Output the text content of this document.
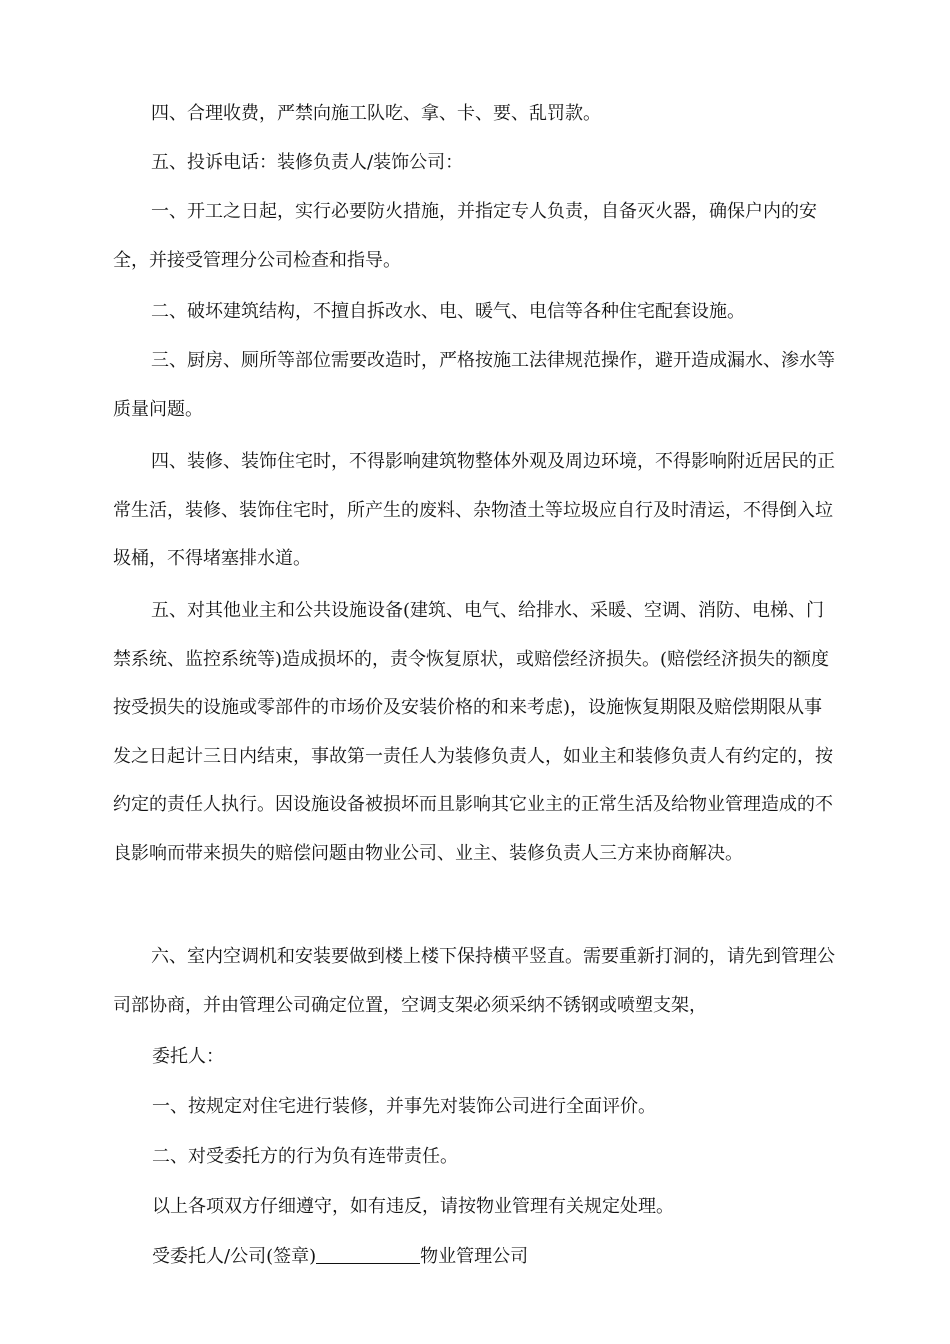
四、合理收费，严禁向施工队吃、拿、卡、要、乱罚款。

五、投诉电话：装修负责人/装饰公司：

一、开工之日起，实行必要防火措施，并指定专人负责，自备灭火器，确保户内的安全，并接受管理分公司检查和指导。

二、破坏建筑结构，不擅自拆改水、电、暖气、电信等各种住宅配套设施。

三、厨房、厕所等部位需要改造时，严格按施工法律规范操作，避开造成漏水、渗水等质量问题。

四、装修、装饰住宅时，不得影响建筑物整体外观及周边环境，不得影响附近居民的正常生活，装修、装饰住宅时，所产生的废料、杂物渣土等垃圾应自行及时清运，不得倒入垃圾桶，不得堵塞排水道。

五、对其他业主和公共设施设备(建筑、电气、给排水、采暖、空调、消防、电梯、门禁系统、监控系统等)造成损坏的，责令恢复原状，或赔偿经济损失。(赔偿经济损失的额度按受损失的设施或零部件的市场价及安装价格的和来考虑)，设施恢复期限及赔偿期限从事发之日起计三日内结束，事故第一责任人为装修负责人，如业主和装修负责人有约定的，按约定的责任人执行。因设施设备被损坏而且影响其它业主的正常生活及给物业管理造成的不良影响而带来损失的赔偿问题由物业公司、业主、装修负责人三方来协商解决。

六、室内空调机和安装要做到楼上楼下保持横平竖直。需要重新打洞的，请先到管理公司部协商，并由管理公司确定位置，空调支架必须采纳不锈钢或喷塑支架，

委托人：

一、按规定对住宅进行装修，并事先对装饰公司进行全面评价。

二、对受委托方的行为负有连带责任。

以上各项双方仔细遵守，如有违反，请按物业管理有关规定处理。

受委托人/公司(签章)	物业管理公司
